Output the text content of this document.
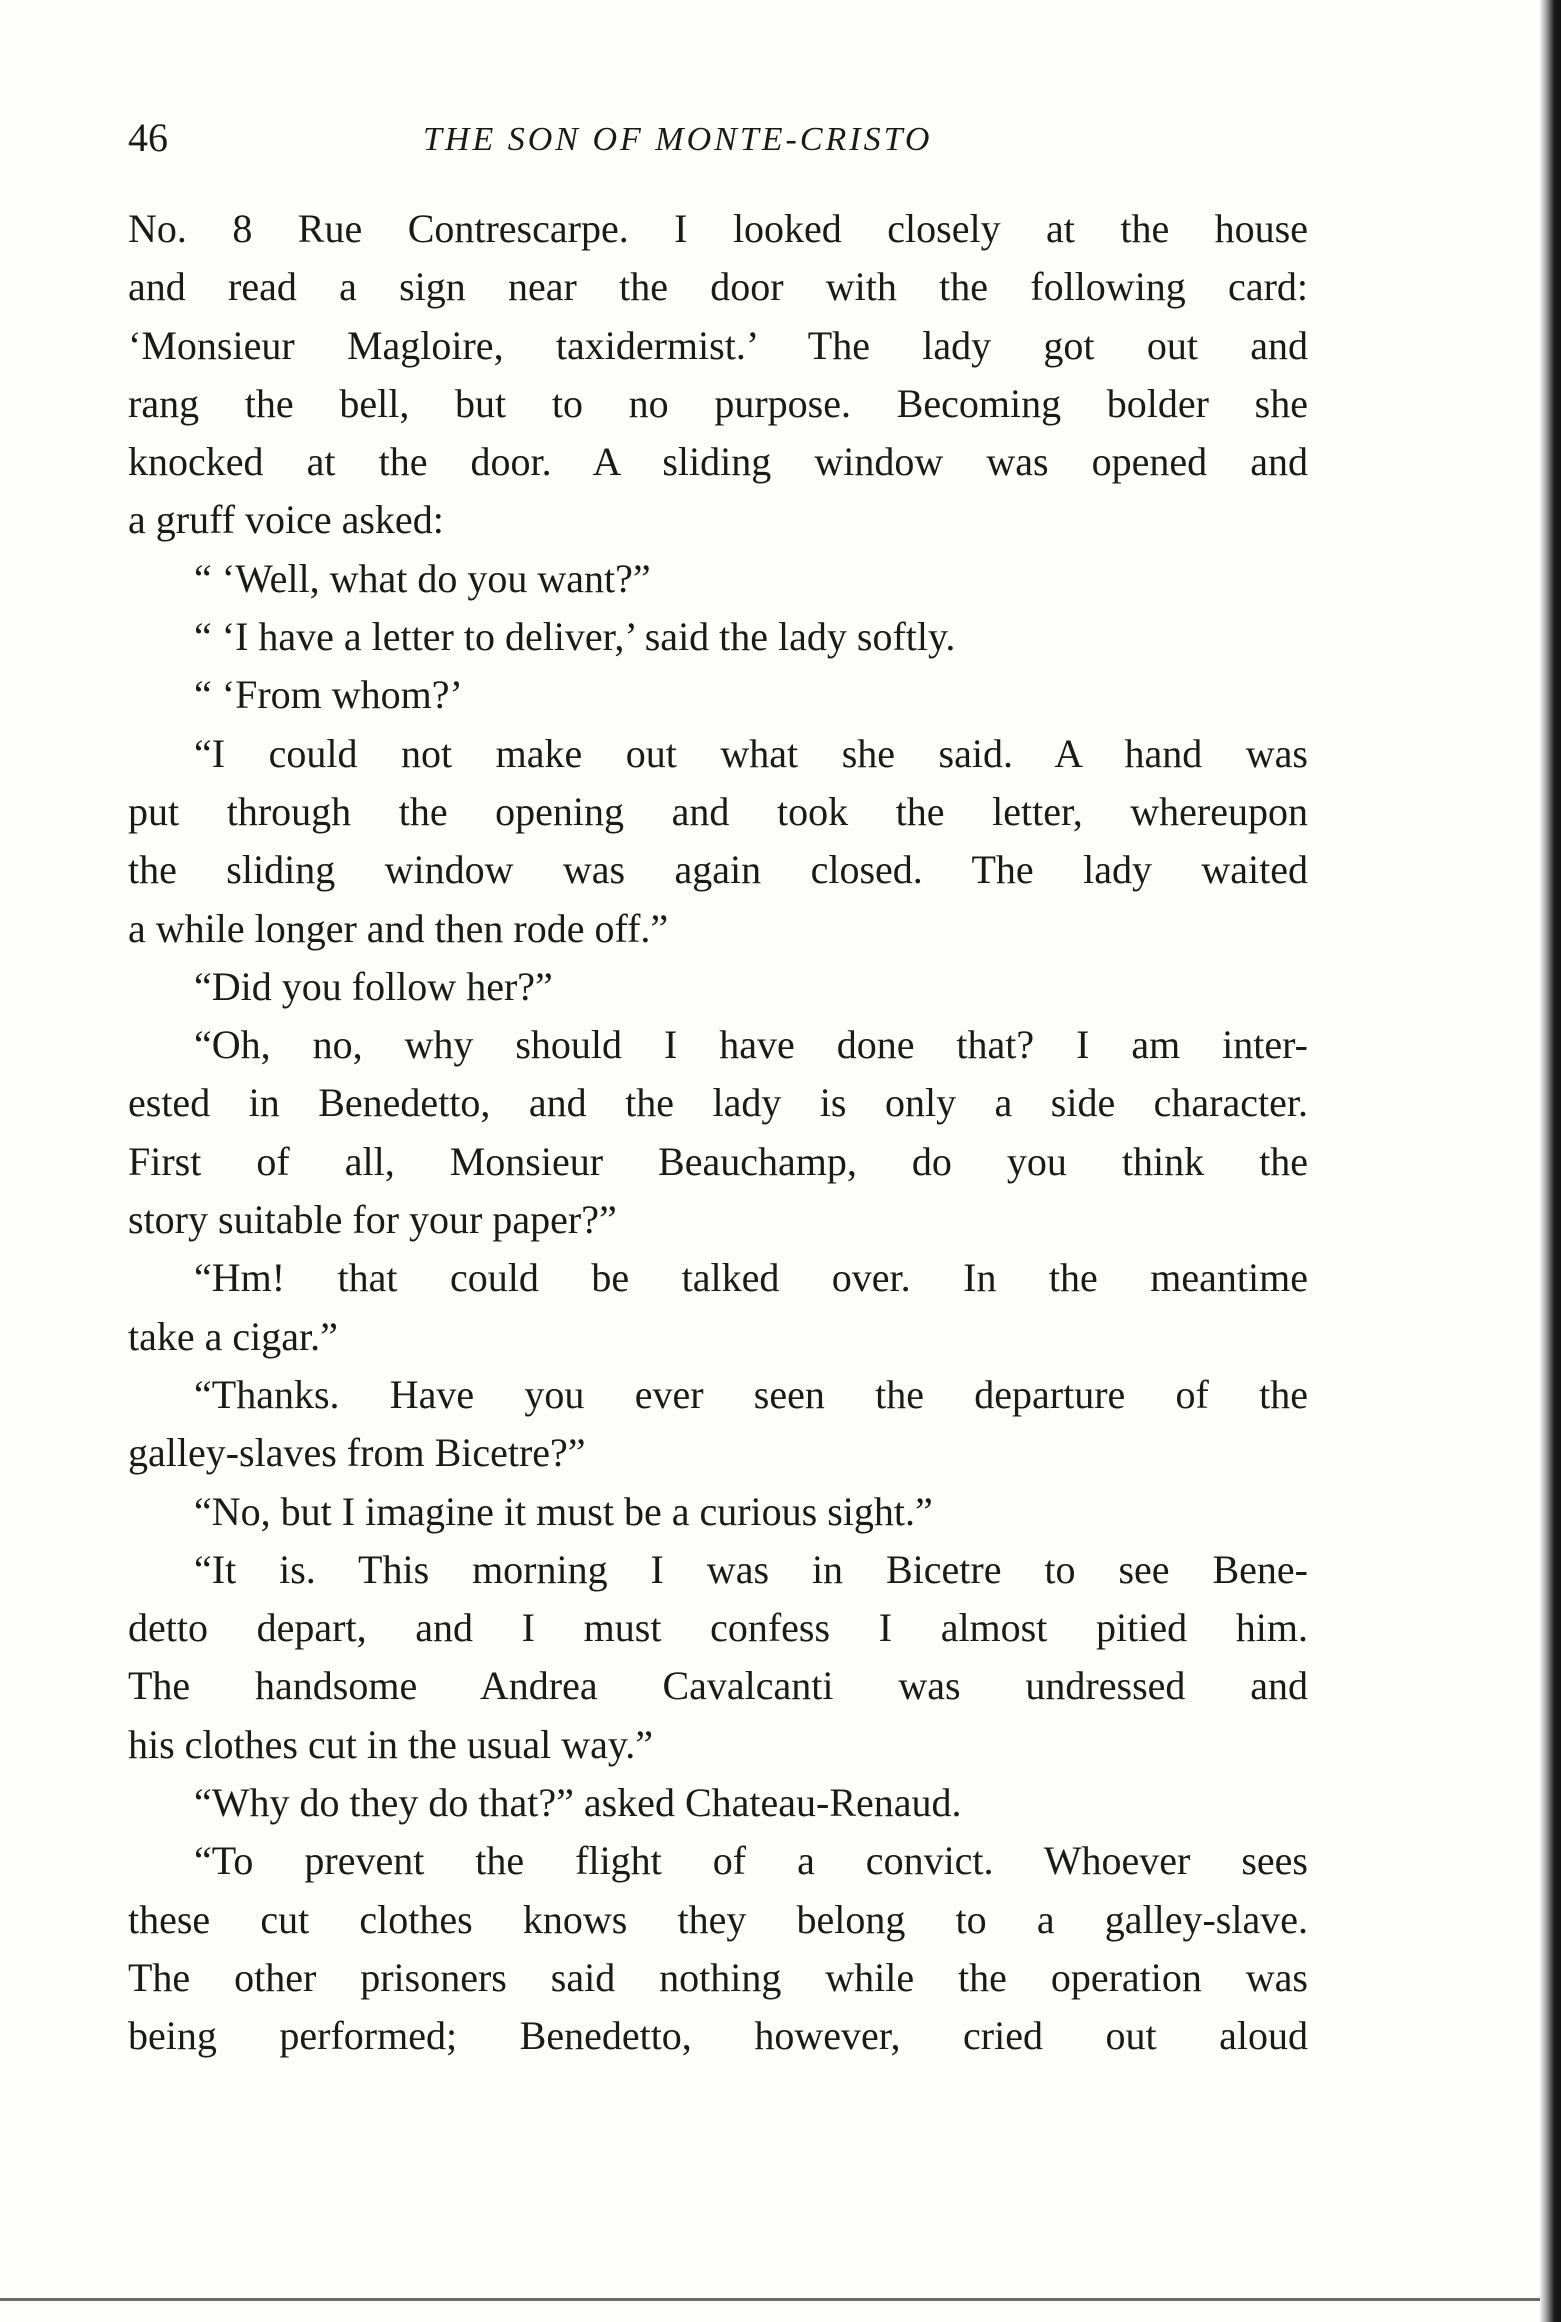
46	THE SON OF MONTE-CRISTO
No. 8 Rue Contrescarpe. I looked closely at the house
and read a sign near the door with the following card:
‘Monsieur Magloire, taxidermist.’ The lady got out and
rang the bell, but to no purpose. Becoming bolder she
knocked at the door. A sliding window was opened and
a gruff voice asked:
“ ‘Well, what do you want?”
“ ‘I have a letter to deliver,’ said the lady softly.
“ ‘From whom?’
“I could not make out what she said. A hand was
put through the opening and took the letter, whereupon
the sliding window was again closed. The lady waited
a while longer and then rode off.”
“Did you follow her?”
“Oh, no, why should I have done that? I am inter-
ested in Benedetto, and the lady is only a side character.
First of all, Monsieur Beauchamp, do you think the
story suitable for your paper?”
“Hm! that could be talked over. In the meantime
take a cigar.”
“Thanks. Have you ever seen the departure of the
galley-slaves from Bicetre?”
“No, but I imagine it must be a curious sight.”
“It is. This morning I was in Bicetre to see Bene-
detto depart, and I must confess I almost pitied him.
The handsome Andrea Cavalcanti was undressed and
his clothes cut in the usual way.”
“Why do they do that?” asked Chateau-Renaud.
“To prevent the flight of a convict. Whoever sees
these cut clothes knows they belong to a galley-slave.
The other prisoners said nothing while the operation was
being performed; Benedetto, however, cried out aloud
